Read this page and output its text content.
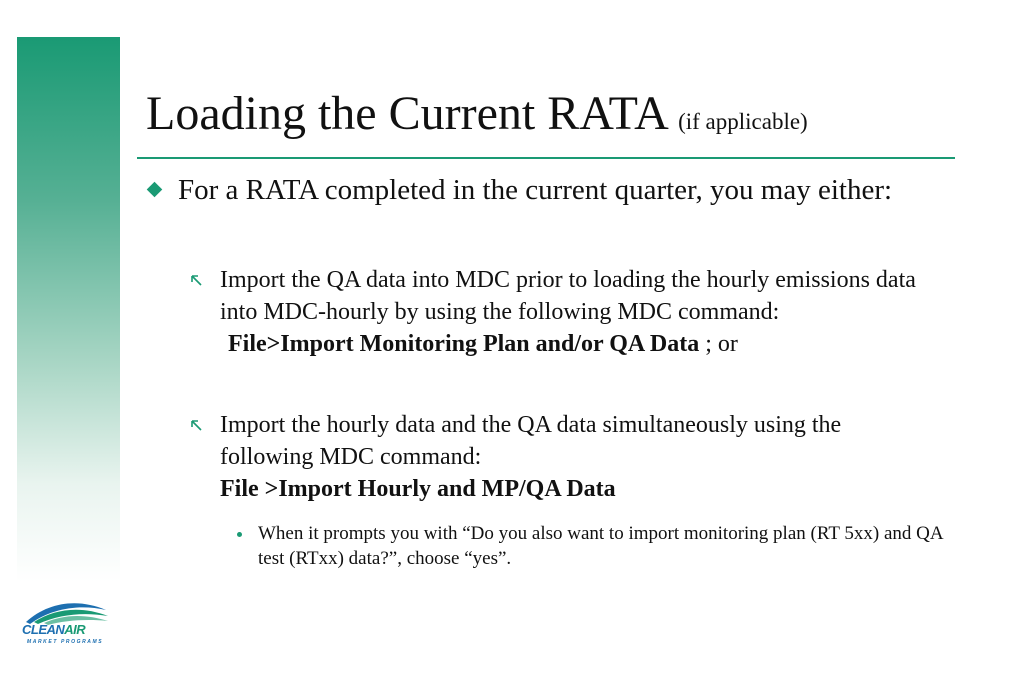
Loading the Current RATA (if applicable)
For a RATA completed in the current quarter, you may either:
Import the QA data into MDC prior to loading the hourly emissions data into MDC-hourly by using the following MDC command:
File>Import Monitoring Plan and/or QA Data ; or
Import the hourly data and the QA data simultaneously using the following MDC command:
File >Import Hourly and MP/QA Data
When it prompts you with “Do you also want to import monitoring plan (RT 5xx) and QA test (RTxx) data?”, choose “yes”.
CLEANAIR
MARKET PROGRAMS
